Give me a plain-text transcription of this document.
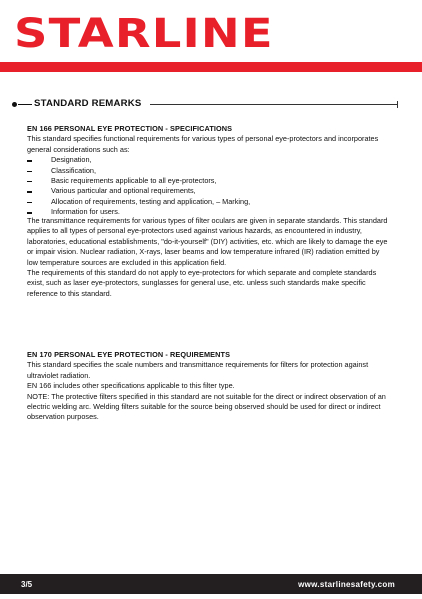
STARLINE
STANDARD REMARKS
EN 166 PERSONAL EYE PROTECTION - SPECIFICATIONS

This standard specifies functional requirements for various types of personal eye-protectors and incorporates general considerations such as:

Designation,
Classification,
Basic requirements applicable to all eye-protectors,
Various particular and optional requirements,
Allocation of requirements, testing and application, – Marking,
Information for users.

The transmittance requirements for various types of filter oculars are given in separate standards. This standard applies to all types of personal eye-protectors used against various hazards, as encountered in industry, laboratories, educational establishments, "do-it-yourself" (DIY) activities, etc. which are likely to damage the eye or impair vision. Nuclear radiation, X-rays, laser beams and low temperature infrared (IR) radiation emitted by low temperature sources are excluded in this application field.

The requirements of this standard do not apply to eye-protectors for which separate and complete standards exist, such as laser eye-protectors, sunglasses for general use, etc. unless such standards make specific reference to this standard.

EN 170 PERSONAL EYE PROTECTION - REQUIREMENTS

This standard specifies the scale numbers and transmittance requirements for filters for protection against ultraviolet radiation.

EN 166 includes other specifications applicable to this filter type.

NOTE: The protective filters specified in this standard are not suitable for the direct or indirect observation of an electric welding arc. Welding filters suitable for the source being observed should be used for direct or indirect observation purposes.

3/5	www.starlinesafety.com
